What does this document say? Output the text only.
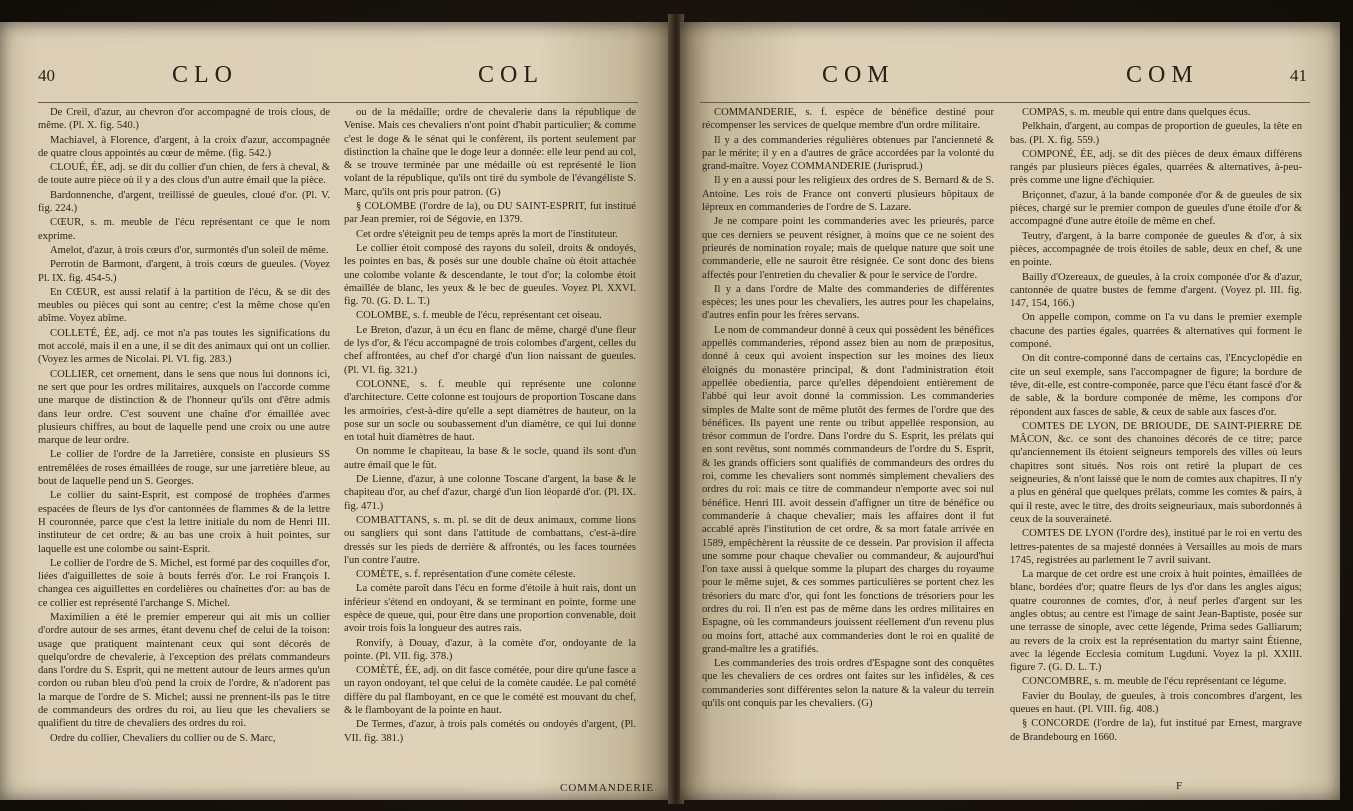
40	CLO	COL

De Creil, d'azur, au chevron d'or accompagné de trois clous, de même. (Pl. X. fig. 540.)

Machiavel, à Florence, d'argent, à la croix d'azur, accompagnée de quatre clous appointés au cœur de même. (fig. 542.)

CLOUÉ, ÉE, adj. se dit du collier d'un chien, de fers à cheval, & de toute autre pièce où il y a des clous d'un autre émail que la pièce.

Bardonnenche, d'argent, treillissé de gueules, cloué d'or. (Pl. V. fig. 224.)

CŒUR, s. m. meuble de l'écu représentant ce que le nom exprime.

Amelot, d'azur, à trois cœurs d'or, surmontés d'un soleil de même.

Perrotin de Barmont, d'argent, à trois cœurs de gueules. (Voyez Pl. IX. fig. 454-5.)

En CŒUR, est aussi relatif à la partition de l'écu, & se dit des meubles ou pièces qui sont au centre; c'est la même chose qu'en abîme. Voyez abîme.

COLLETÉ, ÉE, adj. ce mot n'a pas toutes les significations du mot accolé, mais il en a une, il se dit des animaux qui ont un collier. (Voyez les armes de Nicolai. Pl. VI. fig. 283.)

COLLIER, cet ornement, dans le sens que nous lui donnons ici, ne sert que pour les ordres militaires, auxquels on l'accorde comme une marque de distinction & de l'honneur qu'ils ont d'être admis dans leur ordre. C'est souvent une chaîne d'or émaillée avec plusieurs chiffres, au bout de laquelle pend une croix ou une autre marque de leur ordre.

Le collier de l'ordre de la Jarretière, consiste en plusieurs SS entremêlées de roses émaillées de rouge, sur une jarretière bleue, au bout de laquelle pend un S. Georges.

Le collier du saint-Esprit, est composé de trophées d'armes espacées de fleurs de lys d'or cantonnées de flammes & de la lettre H couronnée, parce que c'est la lettre initiale du nom de Henri III. instituteur de cet ordre; & au bas une croix à huit pointes, sur laquelle est une colombe ou saint-Esprit.

Le collier de l'ordre de S. Michel, est formé par des coquilles d'or, liées d'aiguillettes de soie à bouts ferrés d'or. Le roi François I. changea ces aiguillettes en cordelières ou chaînettes d'or: au bas de ce collier est représenté l'archange S. Michel.

Maximilien a été le premier empereur qui ait mis un collier d'ordre autour de ses armes, étant devenu chef de celui de la toison: usage que pratiquent maintenant ceux qui sont décorés de quelqu'ordre de chevalerie, à l'exception des prélats commandeurs dans l'ordre du S. Esprit, qui ne mettent autour de leurs armes qu'un cordon ou ruban bleu d'où pend la croix de l'ordre, & n'adorent pas la marque de l'ordre de S. Michel; aussi ne prennent-ils pas le titre de commandeurs des ordres du roi, au lieu que les chevaliers se qualifient du titre de chevaliers des ordres du roi.

Ordre du collier, Chevaliers du collier ou de S. Marc,

ou de la médaille; ordre de chevalerie dans la république de Venise. Mais ces chevaliers n'ont point d'habit particulier; & comme c'est le doge & le sénat qui le confèrent, ils portent seulement par distinction la chaîne que le doge leur a donnée: elle leur pend au col, & se trouve terminée par une médaille où est représenté le lion volant de la république, qu'ils ont tiré du symbole de l'évangéliste S. Marc, qu'ils ont pris pour patron. (G)

§ COLOMBE (l'ordre de la), ou DU SAINT-ESPRIT, fut institué par Jean premier, roi de Ségovie, en 1379.

Cet ordre s'éteignit peu de temps après la mort de l'instituteur.

Le collier étoit composé des rayons du soleil, droits & ondoyés, les pointes en bas, & posés sur une double chaîne où étoit attachée une colombe volante & descendante, le tout d'or; la colombe étoit émaillée de blanc, les yeux & le bec de gueules. Voyez Pl. XXVI. fig. 70. (G. D. L. T.)

COLOMBE, s. f. meuble de l'écu, représentant cet oiseau.

Le Breton, d'azur, à un écu en flanc de même, chargé d'une fleur de lys d'or, & l'écu accompagné de trois colombes d'argent, celles du chef affrontées, au chef d'or chargé d'un lion naissant de gueules. (Pl. VI. fig. 321.)

COLONNE, s. f. meuble qui représente une colonne d'architecture. Cette colonne est toujours de proportion Toscane dans les armoiries, c'est-à-dire qu'elle a sept diamètres de hauteur, on la pose sur un socle ou soubassement d'un diamètre, ce qui lui donne en total huit diamètres de haut.

On nomme le chapiteau, la base & le socle, quand ils sont d'un autre émail que le fût.

De Lienne, d'azur, à une colonne Toscane d'argent, la base & le chapiteau d'or, au chef d'azur, chargé d'un lion léopardé d'or. (Pl. IX. fig. 471.)

COMBATTANS, s. m. pl. se dit de deux animaux, comme lions ou sangliers qui sont dans l'attitude de combattans, c'est-à-dire dressés sur les pieds de derrière & affrontés, ou les faces tournées l'un contre l'autre.

COMÈTE, s. f. représentation d'une comète céleste.

La comète paroît dans l'écu en forme d'étoile à huit rais, dont un inférieur s'étend en ondoyant, & se terminant en pointe, forme une espèce de queue, qui, pour être dans une proportion convenable, doit avoir trois fois la longueur des autres rais.

Ronvify, à Douay, d'azur, à la comète d'or, ondoyante de la pointe. (Pl. VII. fig. 378.)

COMÈTÉ, ÉE, adj. on dit fasce cométée, pour dire qu'une fasce a un rayon ondoyant, tel que celui de la comète caudée. Le pal comété diffère du pal flamboyant, en ce que le comété est mouvant du chef, & le flamboyant de la pointe en haut.

De Termes, d'azur, à trois pals cométés ou ondoyés d'argent, (Pl. VII. fig. 381.)

COMMANDERIE
COM	COM	41

COMMANDERIE, s. f. espèce de bénéfice destiné pour récompenser les services de quelque membre d'un ordre militaire.

Il y a des commanderies régulières obtenues par l'ancienneté & par le mérite; il y en a d'autres de grâce accordées par la volonté du grand-maître. Voyez COMMANDERIE (Jurisprud.)

Il y en a aussi pour les religieux des ordres de S. Bernard & de S. Antoine. Les rois de France ont converti plusieurs hôpitaux de lépreux en commanderies de l'ordre de S. Lazare.

Je ne compare point les commanderies avec les prieurés, parce que ces derniers se peuvent résigner, à moins que ce ne soient des prieurés de nomination royale; mais de quelque nature que soit une commanderie, elle ne sauroit être résignée. Ce sont donc des biens affectés pour l'entretien du chevalier & pour le service de l'ordre.

Il y a dans l'ordre de Malte des commanderies de différentes espèces; les unes pour les chevaliers, les autres pour les chapelains, d'autres enfin pour les frères servans.

Le nom de commandeur donné à ceux qui possèdent les bénéfices appellés commanderies, répond assez bien au nom de præpositus, donné à ceux qui avoient inspection sur les moines des lieux éloignés du monastère principal, & dont l'administration étoit appellée obedientia, parce qu'elles dépendoient entièrement de l'abbé qui leur avoit donné la commission. Les commanderies simples de Malte sont de même plutôt des fermes de l'ordre que des bénéfices. Ils payent une rente ou tribut appellée responsion, au trésor commun de l'ordre. Dans l'ordre du S. Esprit, les prélats qui en sont revêtus, sont nommés commandeurs de l'ordre du S. Esprit, & les grands officiers sont qualifiés de commandeurs des ordres du roi, comme les chevaliers sont nommés simplement chevaliers des ordres du roi: mais ce titre de commandeur n'emporte avec soi nul bénéfice. Henri III. avoit dessein d'affigner un titre de bénéfice ou commanderie à chaque chevalier; mais les affaires dont il fut accablé après l'institution de cet ordre, & sa mort fatale arrivée en 1589, empêchèrent la réussite de ce dessein. Par provision il affecta une somme pour chaque chevalier ou commandeur, & aujourd'hui l'on taxe aussi à quelque somme la plupart des charges du royaume pour le même sujet, & ces sommes particulières se portent chez les trésoriers du marc d'or, qui font les fonctions de trésoriers pour les ordres du roi. Il n'en est pas de même dans les ordres militaires en Espagne, où les commandeurs jouissent réellement d'un revenu plus ou moins fort, attaché aux commanderies dont le roi en qualité de grand-maître les a gratifiés.

Les commanderies des trois ordres d'Espagne sont des conquêtes que les chevaliers de ces ordres ont faites sur les infidèles, & ces commanderies sont différentes selon la nature & la valeur du terrein qu'ils ont conquis par les chevaliers. (G)

COMPAS, s. m. meuble qui entre dans quelques écus.

Pelkhain, d'argent, au compas de proportion de gueules, la tête en bas. (Pl. X. fig. 559.)

COMPONÉ, ÉE, adj. se dit des pièces de deux émaux différens rangés par plusieurs pièces égales, quarrées & alternatives, à-peu-près comme une ligne d'échiquier.

Briçonnet, d'azur, à la bande componée d'or & de gueules de six pièces, chargé sur le premier compon de gueules d'une étoile d'or & accompagné d'une autre étoile de même en chef.

Teutry, d'argent, à la barre componée de gueules & d'or, à six pièces, accompagnée de trois étoiles de sable, deux en chef, & une en pointe.

Bailly d'Ozereaux, de gueules, à la croix componée d'or & d'azur, cantonnée de quatre bustes de femme d'argent. (Voyez pl. III. fig. 147, 154, 166.)

On appelle compon, comme on l'a vu dans le premier exemple chacune des parties égales, quarrées & alternatives qui forment le componé.

On dit contre-componné dans de certains cas, l'Encyclopédie en cite un seul exemple, sans l'accompagner de figure; la bordure de têve, dit-elle, est contre-componée, parce que l'écu étant fascé d'or & de sable, & la bordure componée de même, les compons d'or répondent aux fasces de sable, & ceux de sable aux fasces d'or.

COMTES DE LYON, DE BRIOUDE, DE SAINT-PIERRE DE MÂCON, &c. ce sont des chanoines décorés de ce titre; parce qu'anciennement ils étoient seigneurs temporels des villes où leurs chapitres sont situés. Nos rois ont retiré la plupart de ces seigneuries, & n'ont laissé que le nom de comtes aux chapitres. Il n'y a plus en général que quelques prélats, comme les comtes & pairs, à qui il reste, avec le titre, des droits seigneuriaux, mais subordonnés à ceux de la souveraineté.

COMTES DE LYON (l'ordre des), institué par le roi en vertu des lettres-patentes de sa majesté données à Versailles au mois de mars 1745, registrées au parlement le 7 avril suivant.

La marque de cet ordre est une croix à huit pointes, émaillées de blanc, bordées d'or; quatre fleurs de lys d'or dans les angles aigus; quatre couronnes de comtes, d'or, à neuf perles d'argent sur les angles obtus; au centre est l'image de saint Jean-Baptiste, posée sur une terrasse de sinople, avec cette légende, Prima sedes Galliarum; au revers de la croix est la représentation du martyr saint Étienne, avec la légende Ecclesia comitum Lugduni. Voyez la pl. XXIII. figure 7. (G. D. L. T.)

CONCOMBRE, s. m. meuble de l'écu représentant ce légume.

Favier du Boulay, de gueules, à trois concombres d'argent, les queues en haut. (Pl. VIII. fig. 408.)

§ CONCORDE (l'ordre de la), fut institué par Ernest, margrave de Brandebourg en 1660.

F
